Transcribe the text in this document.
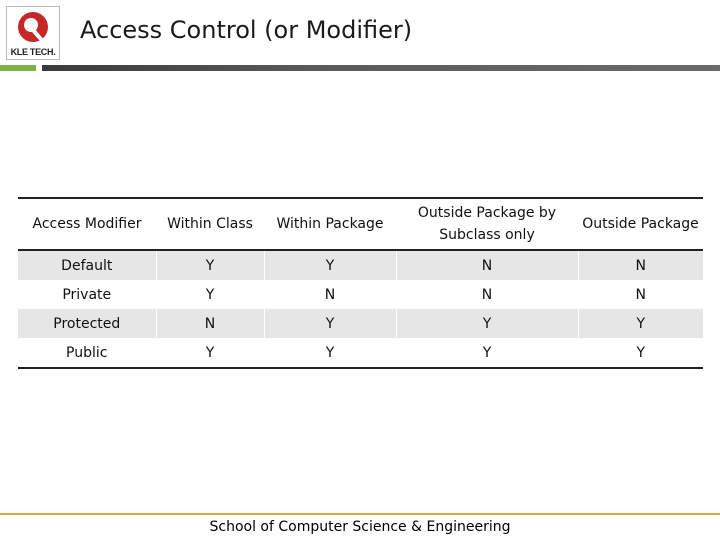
KLE TECH.
Access Control (or Modifier)
Access Modifier	Within Class	Within Package	Outside Package by Subclass only	Outside Package
Default	Y	Y	N	N
Private	Y	N	N	N
Protected	N	Y	Y	Y
Public	Y	Y	Y	Y
School of Computer Science & Engineering
